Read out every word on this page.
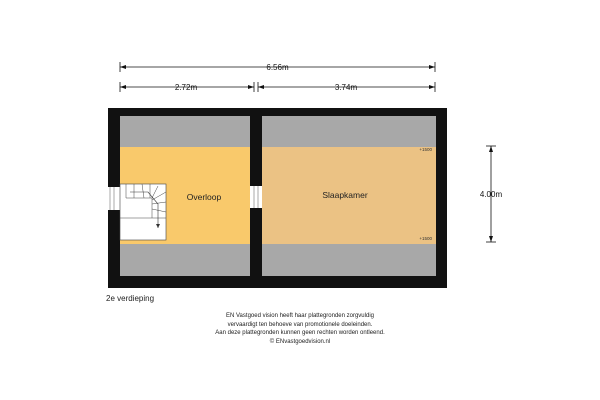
6.56m
2.72m	3.74m
4.00m
Overloop	Slaapkamer
+1500
+1500
2e verdieping
EN Vastgoed vision heeft haar plattegronden zorgvuldig
vervaardigt ten behoeve van promotionele doeleinden.
Aan deze plattegronden kunnen geen rechten worden ontleend.
© ENvastgoedvision.nl
